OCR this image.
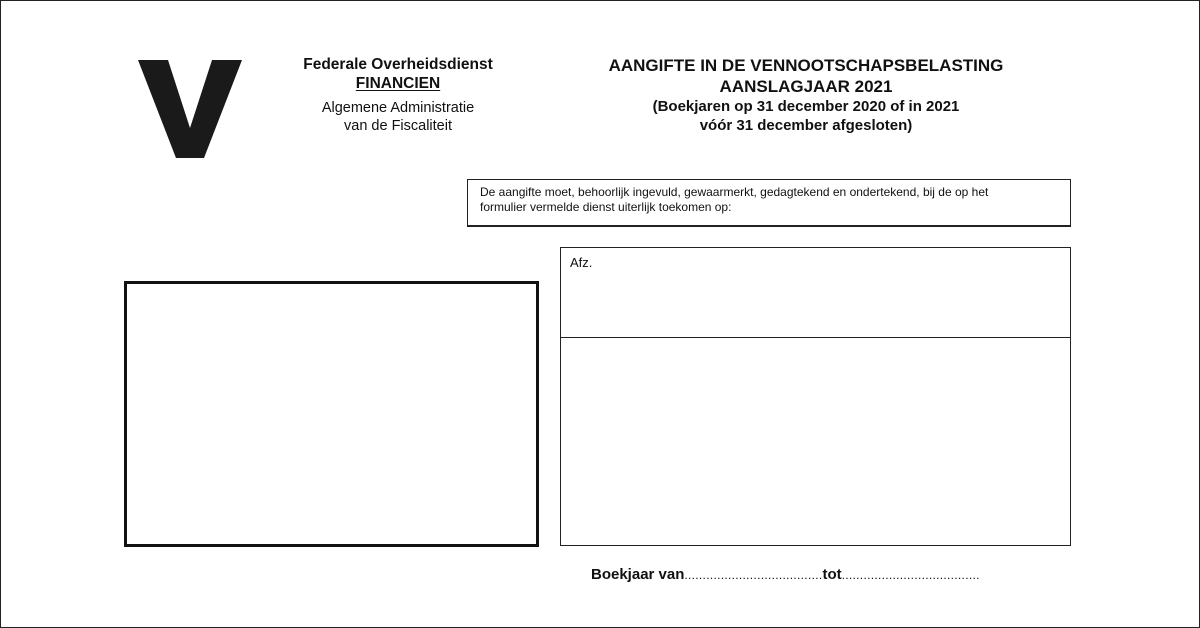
Federale Overheidsdienst
FINANCIEN
Algemene Administratie
van de Fiscaliteit
AANGIFTE IN DE VENNOOTSCHAPSBELASTING
AANSLAGJAAR 2021
(Boekjaren op 31 december 2020 of in 2021
vóór 31 december afgesloten)
De aangifte moet, behoorlijk ingevuld, gewaarmerkt, gedagtekend en ondertekend, bij de op het
formulier vermelde dienst uiterlijk toekomen op:
Afz.
Boekjaar van......................................tot......................................
